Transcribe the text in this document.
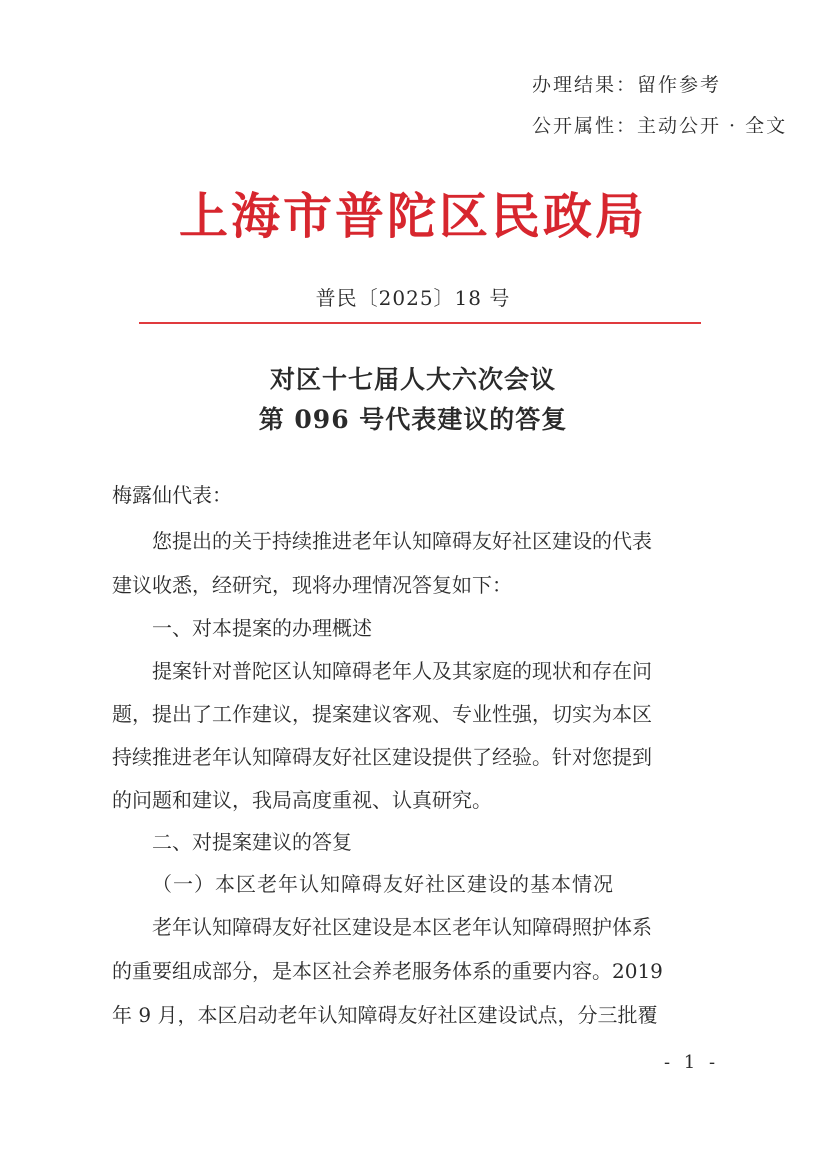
办理结果：留作参考
公开属性：主动公开 · 全文
上海市普陀区民政局
普民〔2025〕18 号
对区十七届人大六次会议
第 096 号代表建议的答复
梅露仙代表：
您提出的关于持续推进老年认知障碍友好社区建设的代表
建议收悉，经研究，现将办理情况答复如下：
一、对本提案的办理概述
提案针对普陀区认知障碍老年人及其家庭的现状和存在问
题，提出了工作建议，提案建议客观、专业性强，切实为本区
持续推进老年认知障碍友好社区建设提供了经验。针对您提到
的问题和建议，我局高度重视、认真研究。
二、对提案建议的答复
（一）本区老年认知障碍友好社区建设的基本情况
老年认知障碍友好社区建设是本区老年认知障碍照护体系
的重要组成部分，是本区社会养老服务体系的重要内容。2019
年 9 月，本区启动老年认知障碍友好社区建设试点，分三批覆
- 1 -
